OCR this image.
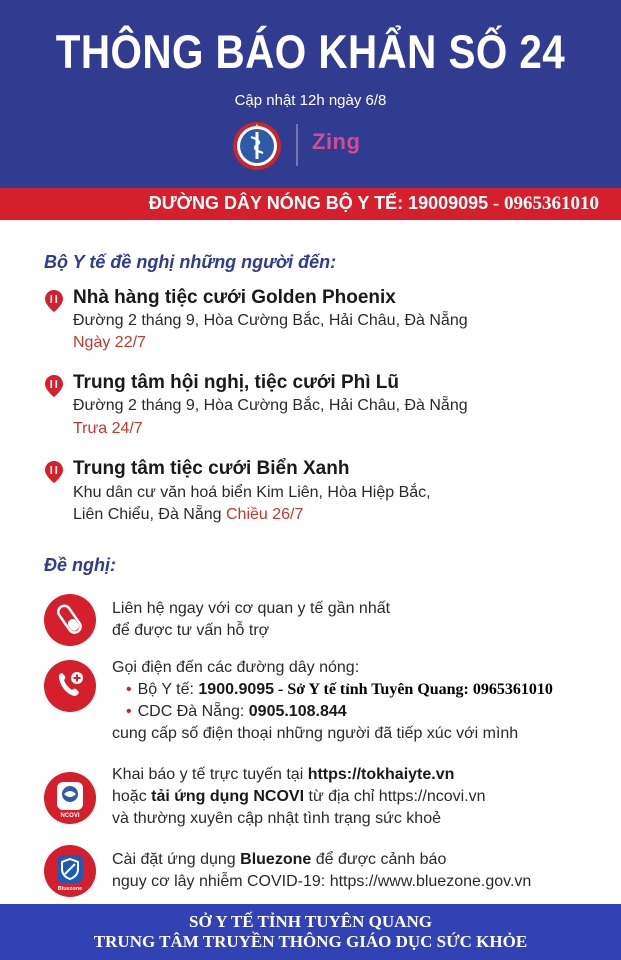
THÔNG BÁO KHẨN SỐ 24
Cập nhật 12h ngày 6/8
Zing
ĐƯỜNG DÂY NÓNG BỘ Y TẾ: 19009095 - 0965361010
Bộ Y tế đề nghị những người đến:
Nhà hàng tiệc cưới Golden Phoenix
Đường 2 tháng 9, Hòa Cường Bắc, Hải Châu, Đà Nẵng
Ngày 22/7
Trung tâm hội nghị, tiệc cưới Phì Lũ
Đường 2 tháng 9, Hòa Cường Bắc, Hải Châu, Đà Nẵng
Trưa 24/7
Trung tâm tiệc cưới Biển Xanh
Khu dân cư văn hoá biển Kim Liên, Hòa Hiệp Bắc,
Liên Chiểu, Đà Nẵng Chiều 26/7
Đề nghị:
Liên hệ ngay với cơ quan y tế gần nhất
để được tư vấn hỗ trợ
Gọi điện đến các đường dây nóng:
• Bộ Y tế: 1900.9095 - Sở Y tế tỉnh Tuyên Quang: 0965361010
• CDC Đà Nẵng: 0905.108.844
cung cấp số điện thoại những người đã tiếp xúc với mình
NCOVI
Khai báo y tế trực tuyến tại https://tokhaiyte.vn
hoặc tải ứng dụng NCOVI từ địa chỉ https://ncovi.vn
và thường xuyên cập nhật tình trạng sức khoẻ
Bluezone
Cài đặt ứng dụng Bluezone để được cảnh báo
nguy cơ lây nhiễm COVID-19: https://www.bluezone.gov.vn
SỞ Y TẾ TỈNH TUYÊN QUANG
TRUNG TÂM TRUYỀN THÔNG GIÁO DỤC SỨC KHỎE
